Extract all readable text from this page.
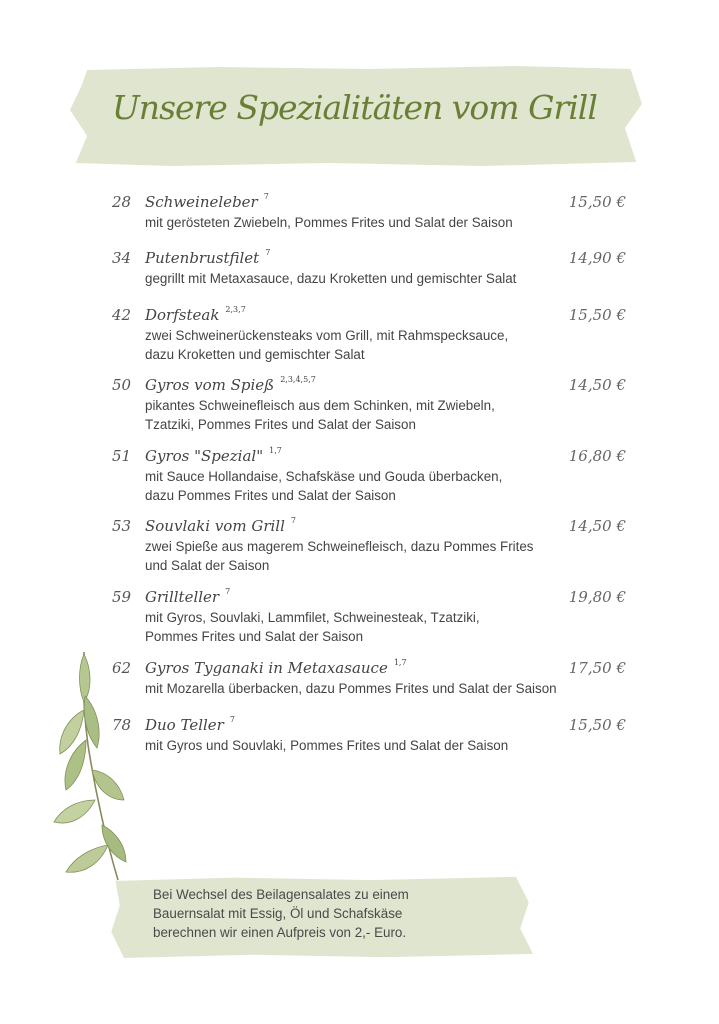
Unsere Spezialitäten vom Grill
28 Schweineleber $^7$	15,50 €
mit gerösteten Zwiebeln, Pommes Frites und Salat der Saison
34 Putenbrustfilet $^7$	14,90 €
gegrillt mit Metaxasauce, dazu Kroketten und gemischter Salat
42 Dorfsteak $^{2,3,7}$	15,50 €
zwei Schweinerückensteaks vom Grill, mit Rahmspecksauce,
dazu Kroketten und gemischter Salat
50 Gyros vom Spieß $^{2,3,4,5,7}$	14,50 €
pikantes Schweinefleisch aus dem Schinken, mit Zwiebeln,
Tzatziki, Pommes Frites und Salat der Saison
51 Gyros "Spezial" $^{1,7}$	16,80 €
mit Sauce Hollandaise, Schafskäse und Gouda überbacken,
dazu Pommes Frites und Salat der Saison
53 Souvlaki vom Grill $^7$	14,50 €
zwei Spieße aus magerem Schweinefleisch, dazu Pommes Frites
und Salat der Saison
59 Grillteller $^7$	19,80 €
mit Gyros, Souvlaki, Lammfilet, Schweinesteak, Tzatziki,
Pommes Frites und Salat der Saison
62 Gyros Tyganaki in Metaxasauce $^{1,7}$	17,50 €
mit Mozarella überbacken, dazu Pommes Frites und Salat der Saison
78 Duo Teller $^7$	15,50 €
mit Gyros und Souvlaki, Pommes Frites und Salat der Saison

Bei Wechsel des Beilagensalates zu einem
Bauernsalat mit Essig, Öl und Schafskäse
berechnen wir einen Aufpreis von 2,- Euro.
